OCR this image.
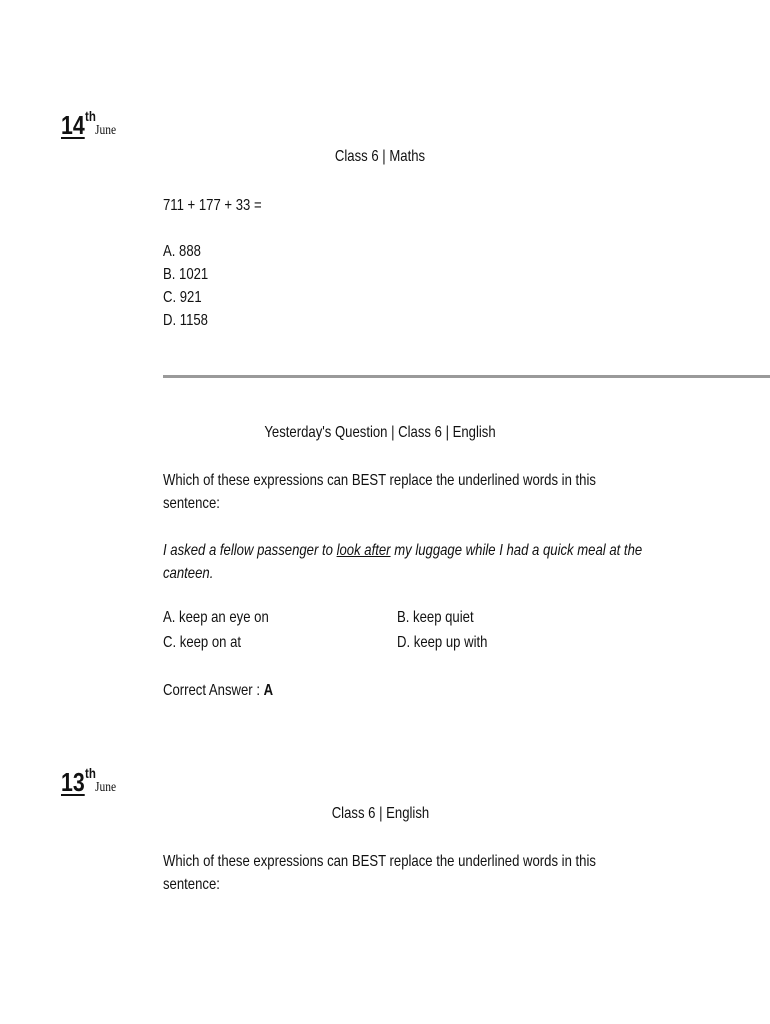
14thJune
Class 6 | Maths
711 + 177 + 33 =
A. 888
B. 1021
C. 921
D. 1158
Yesterday's Question | Class 6 | English
Which of these expressions can BEST replace the underlined words in this
sentence:
I asked a fellow passenger to look after my luggage while I had a quick meal at the
canteen.
A. keep an eye on	B. keep quiet
C. keep on at	D. keep up with
Correct Answer : A
13thJune
Class 6 | English
Which of these expressions can BEST replace the underlined words in this
sentence:
